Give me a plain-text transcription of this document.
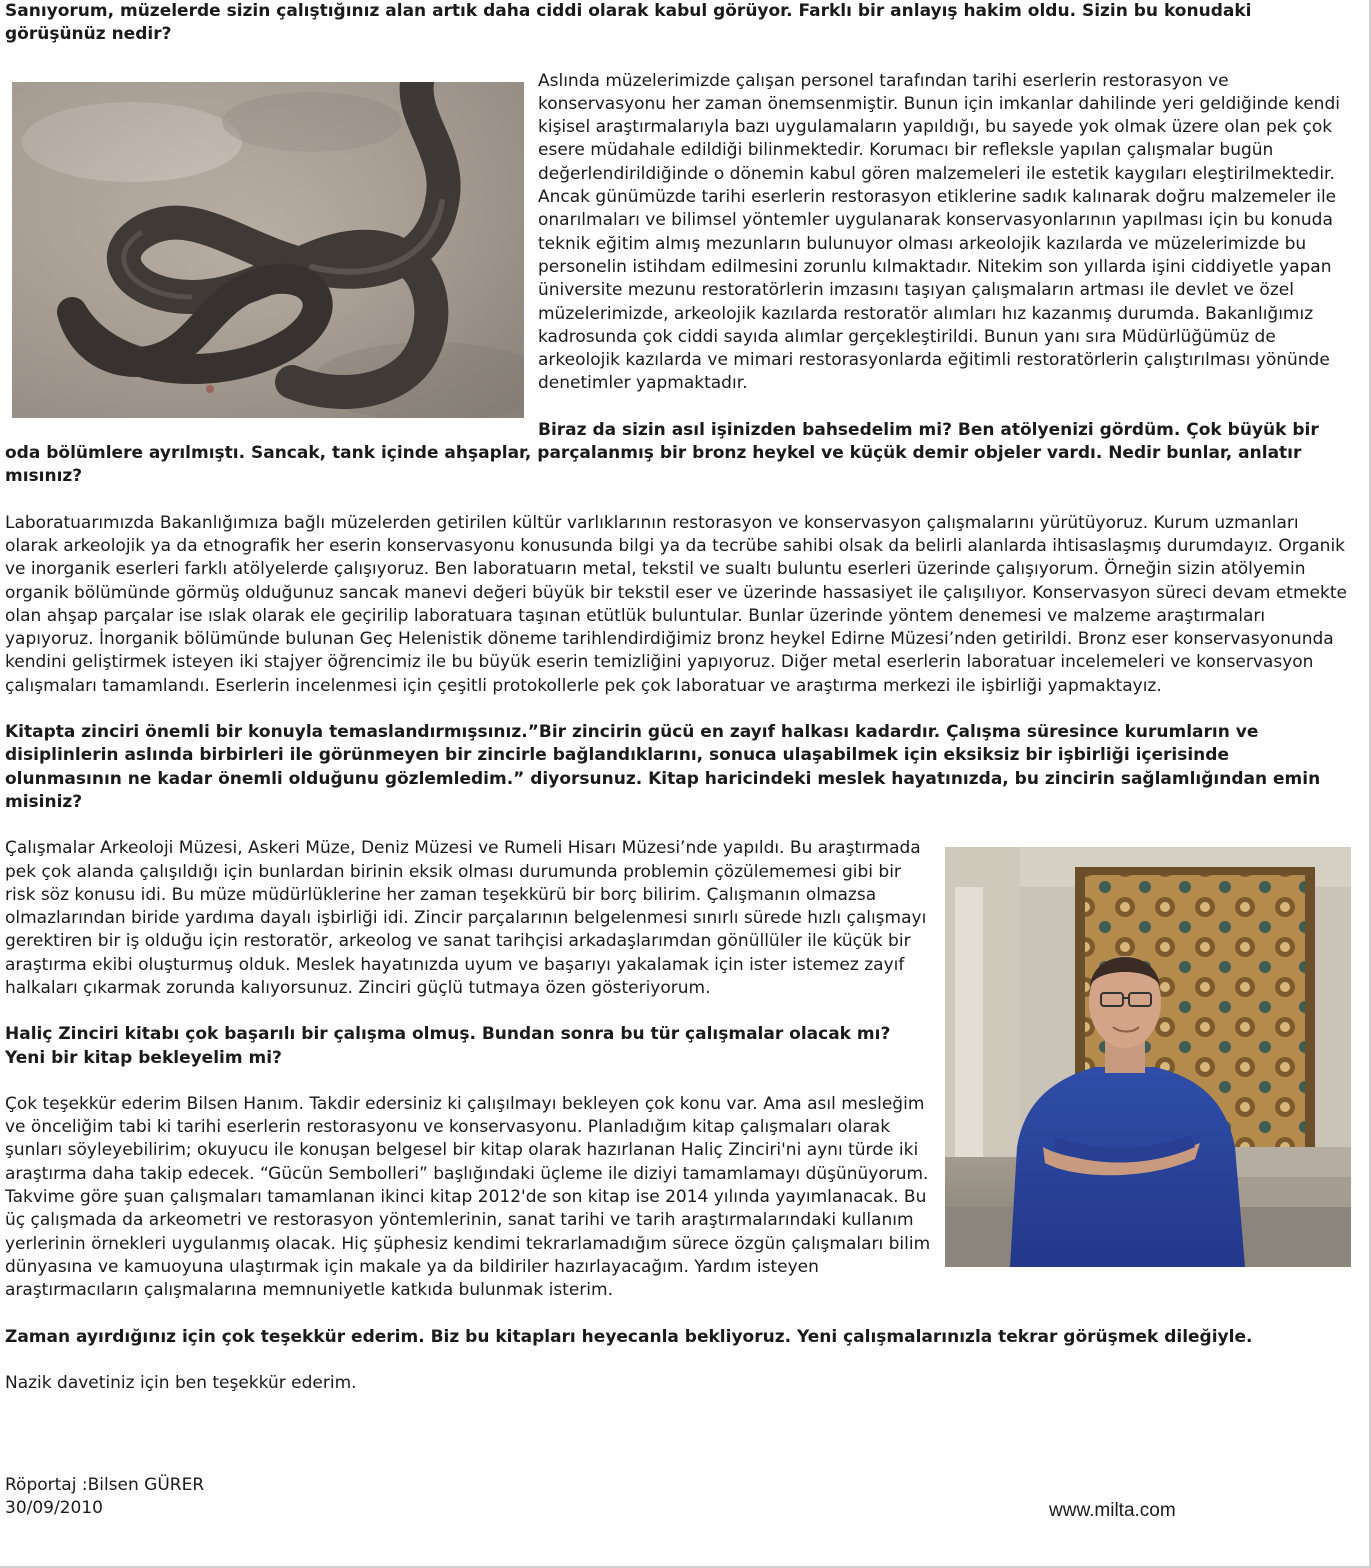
Sanıyorum, müzelerde sizin çalıştığınız alan artık daha ciddi olarak kabul görüyor. Farklı bir anlayış hakim oldu. Sizin bu konudaki görüşünüz nedir?

Aslında müzelerimizde çalışan personel tarafından tarihi eserlerin restorasyon ve konservasyonu her zaman önemsenmiştir. Bunun için imkanlar dahilinde yeri geldiğinde kendi kişisel araştırmalarıyla bazı uygulamaların yapıldığı, bu sayede yok olmak üzere olan pek çok esere müdahale edildiği bilinmektedir. Korumacı bir refleksle yapılan çalışmalar bugün değerlendirildiğinde o dönemin kabul gören malzemeleri ile estetik kaygıları eleştirilmektedir. Ancak günümüzde tarihi eserlerin restorasyon etiklerine sadık kalınarak doğru malzemeler ile onarılmaları ve bilimsel yöntemler uygulanarak konservasyonlarının yapılması için bu konuda teknik eğitim almış mezunların bulunuyor olması arkeolojik kazılarda ve müzelerimizde bu personelin istihdam edilmesini zorunlu kılmaktadır. Nitekim son yıllarda işini ciddiyetle yapan üniversite mezunu restoratörlerin imzasını taşıyan çalışmaların artması ile devlet ve özel müzelerimizde, arkeolojik kazılarda restoratör alımları hız kazanmış durumda. Bakanlığımız kadrosunda çok ciddi sayıda alımlar gerçekleştirildi. Bunun yanı sıra Müdürlüğümüz de arkeolojik kazılarda ve mimari restorasyonlarda eğitimli restoratörlerin çalıştırılması yönünde denetimler yapmaktadır.

Biraz da sizin asıl işinizden bahsedelim mi? Ben atölyenizi gördüm. Çok büyük bir oda bölümlere ayrılmıştı. Sancak, tank içinde ahşaplar, parçalanmış bir bronz heykel ve küçük demir objeler vardı. Nedir bunlar, anlatır mısınız?

Laboratuarımızda Bakanlığımıza bağlı müzelerden getirilen kültür varlıklarının restorasyon ve konservasyon çalışmalarını yürütüyoruz. Kurum uzmanları olarak arkeolojik ya da etnografik her eserin konservasyonu konusunda bilgi ya da tecrübe sahibi olsak da belirli alanlarda ihtisaslaşmış durumdayız. Organik ve inorganik eserleri farklı atölyelerde çalışıyoruz. Ben laboratuarın metal, tekstil ve sualtı buluntu eserleri üzerinde çalışıyorum. Örneğin sizin atölyemin organik bölümünde görmüş olduğunuz sancak manevi değeri büyük bir tekstil eser ve üzerinde hassasiyet ile çalışılıyor. Konservasyon süreci devam etmekte olan ahşap parçalar ise ıslak olarak ele geçirilip laboratuara taşınan etütlük buluntular. Bunlar üzerinde yöntem denemesi ve malzeme araştırmaları yapıyoruz. İnorganik bölümünde bulunan Geç Helenistik döneme tarihlendirdiğimiz bronz heykel Edirne Müzesi’nden getirildi. Bronz eser konservasyonunda kendini geliştirmek isteyen iki stajyer öğrencimiz ile bu büyük eserin temizliğini yapıyoruz. Diğer metal eserlerin laboratuar incelemeleri ve konservasyon çalışmaları tamamlandı. Eserlerin incelenmesi için çeşitli protokollerle pek çok laboratuar ve araştırma merkezi ile işbirliği yapmaktayız.

Kitapta zinciri önemli bir konuyla temaslandırmışsınız.”Bir zincirin gücü en zayıf halkası kadardır. Çalışma süresince kurumların ve disiplinlerin aslında birbirleri ile görünmeyen bir zincirle bağlandıklarını, sonuca ulaşabilmek için eksiksiz bir işbirliği içerisinde olunmasının ne kadar önemli olduğunu gözlemledim.” diyorsunuz. Kitap haricindeki meslek hayatınızda, bu zincirin sağlamlığından emin misiniz?

Çalışmalar Arkeoloji Müzesi, Askeri Müze, Deniz Müzesi ve Rumeli Hisarı Müzesi’nde yapıldı. Bu araştırmada pek çok alanda çalışıldığı için bunlardan birinin eksik olması durumunda problemin çözülememesi gibi bir risk söz konusu idi. Bu müze müdürlüklerine her zaman teşekkürü bir borç bilirim. Çalışmanın olmazsa olmazlarından biride yardıma dayalı işbirliği idi. Zincir parçalarının belgelenmesi sınırlı sürede hızlı çalışmayı gerektiren bir iş olduğu için restoratör, arkeolog ve sanat tarihçisi arkadaşlarımdan gönüllüler ile küçük bir araştırma ekibi oluşturmuş olduk. Meslek hayatınızda uyum ve başarıyı yakalamak için ister istemez zayıf halkaları çıkarmak zorunda kalıyorsunuz. Zinciri güçlü tutmaya özen gösteriyorum.

Haliç Zinciri kitabı çok başarılı bir çalışma olmuş. Bundan sonra bu tür çalışmalar olacak mı? Yeni bir kitap bekleyelim mi?

Çok teşekkür ederim Bilsen Hanım. Takdir edersiniz ki çalışılmayı bekleyen çok konu var. Ama asıl mesleğim ve önceliğim tabi ki tarihi eserlerin restorasyonu ve konservasyonu. Planladığım kitap çalışmaları olarak şunları söyleyebilirim; okuyucu ile konuşan belgesel bir kitap olarak hazırlanan Haliç Zinciri'ni aynı türde iki araştırma daha takip edecek. “Gücün Sembolleri” başlığındaki üçleme ile diziyi tamamlamayı düşünüyorum. Takvime göre şuan çalışmaları tamamlanan ikinci kitap 2012'de son kitap ise 2014 yılında yayımlanacak. Bu üç çalışmada da arkeometri ve restorasyon yöntemlerinin, sanat tarihi ve tarih araştırmalarındaki kullanım yerlerinin örnekleri uygulanmış olacak. Hiç şüphesiz kendimi tekrarlamadığım sürece özgün çalışmaları bilim dünyasına ve kamuoyuna ulaştırmak için makale ya da bildiriler hazırlayacağım. Yardım isteyen araştırmacıların çalışmalarına memnuniyetle katkıda bulunmak isterim.

Zaman ayırdığınız için çok teşekkür ederim. Biz bu kitapları heyecanla bekliyoruz. Yeni çalışmalarınızla tekrar görüşmek dileğiyle.

Nazik davetiniz için ben teşekkür ederim.

Röportaj :Bilsen GÜRER
30/09/2010	www.milta.com
